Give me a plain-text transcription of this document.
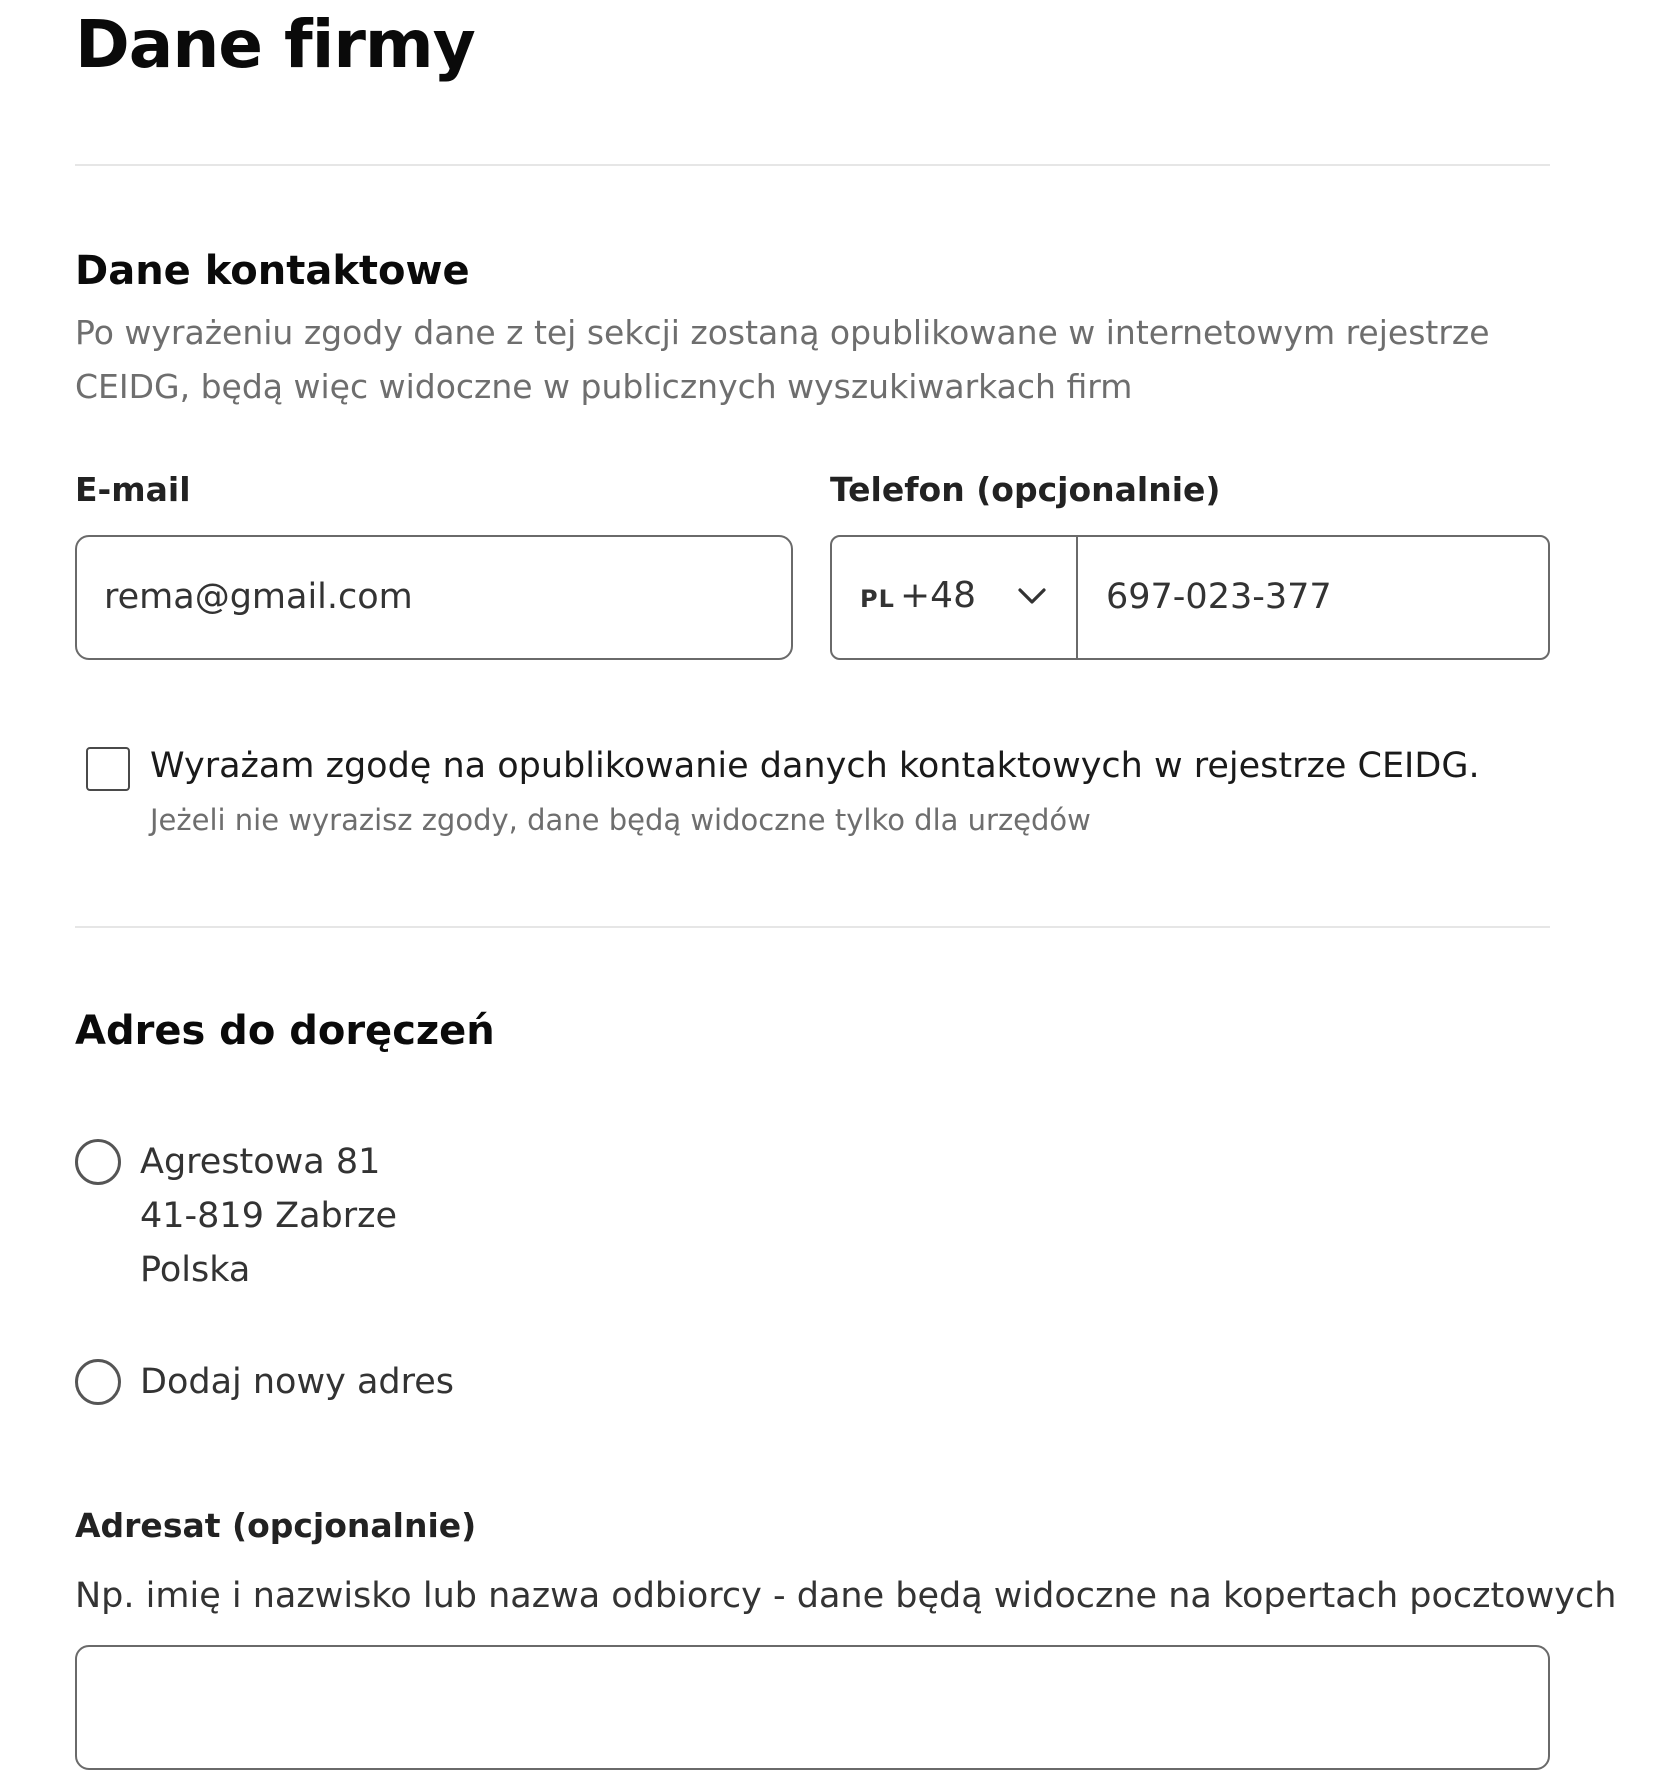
Dane firmy
Dane kontaktowe

Po wyrażeniu zgody dane z tej sekcji zostaną opublikowane w internetowym rejestrze CEIDG, będą więc widoczne w publicznych wyszukiwarkach firm

E-mail
rema@gmail.com
Telefon (opcjonalnie)
PL +48	697-023-377
Wyrażam zgodę na opublikowanie danych kontaktowych w rejestrze CEIDG.
Jeżeli nie wyrazisz zgody, dane będą widoczne tylko dla urzędów
Adres do doręczeń
Agrestowa 81
41-819 Zabrze
Polska
Dodaj nowy adres
Adresat (opcjonalnie)
Np. imię i nazwisko lub nazwa odbiorcy - dane będą widoczne na kopertach pocztowych
